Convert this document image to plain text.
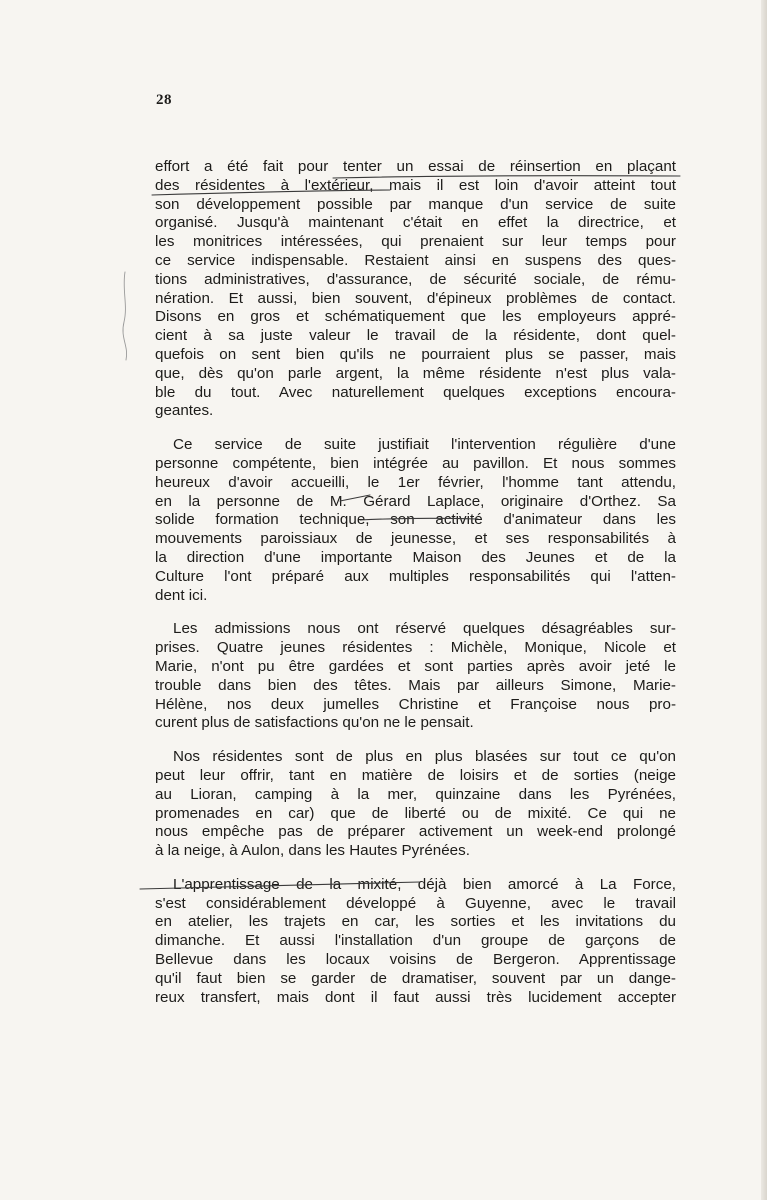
28

effort a été fait pour tenter un essai de réinsertion en plaçant
des résidentes à l'extérieur, mais il est loin d'avoir atteint tout
son développement possible par manque d'un service de suite
organisé. Jusqu'à maintenant c'était en effet la directrice, et
les monitrices intéressées, qui prenaient sur leur temps pour
ce service indispensable. Restaient ainsi en suspens des ques-
tions administratives, d'assurance, de sécurité sociale, de rému-
nération. Et aussi, bien souvent, d'épineux problèmes de contact.
Disons en gros et schématiquement que les employeurs appré-
cient à sa juste valeur le travail de la résidente, dont quel-
quefois on sent bien qu'ils ne pourraient plus se passer, mais
que, dès qu'on parle argent, la même résidente n'est plus vala-
ble du tout. Avec naturellement quelques exceptions encoura-
geantes.

Ce service de suite justifiait l'intervention régulière d'une
personne compétente, bien intégrée au pavillon. Et nous sommes
heureux d'avoir accueilli, le 1er février, l'homme tant attendu,
en la personne de M. Gérard Laplace, originaire d'Orthez. Sa
solide formation technique, son activité d'animateur dans les
mouvements paroissiaux de jeunesse, et ses responsabilités à
la direction d'une importante Maison des Jeunes et de la
Culture l'ont préparé aux multiples responsabilités qui l'atten-
dent ici.

Les admissions nous ont réservé quelques désagréables sur-
prises. Quatre jeunes résidentes : Michèle, Monique, Nicole et
Marie, n'ont pu être gardées et sont parties après avoir jeté le
trouble dans bien des têtes. Mais par ailleurs Simone, Marie-
Hélène, nos deux jumelles Christine et Françoise nous pro-
curent plus de satisfactions qu'on ne le pensait.

Nos résidentes sont de plus en plus blasées sur tout ce qu'on
peut leur offrir, tant en matière de loisirs et de sorties (neige
au Lioran, camping à la mer, quinzaine dans les Pyrénées,
promenades en car) que de liberté ou de mixité. Ce qui ne
nous empêche pas de préparer activement un week-end prolongé
à la neige, à Aulon, dans les Hautes Pyrénées.

L'apprentissage de la mixité, déjà bien amorcé à La Force,
s'est considérablement développé à Guyenne, avec le travail
en atelier, les trajets en car, les sorties et les invitations du
dimanche. Et aussi l'installation d'un groupe de garçons de
Bellevue dans les locaux voisins de Bergeron. Apprentissage
qu'il faut bien se garder de dramatiser, souvent par un dange-
reux transfert, mais dont il faut aussi très lucidement accepter
